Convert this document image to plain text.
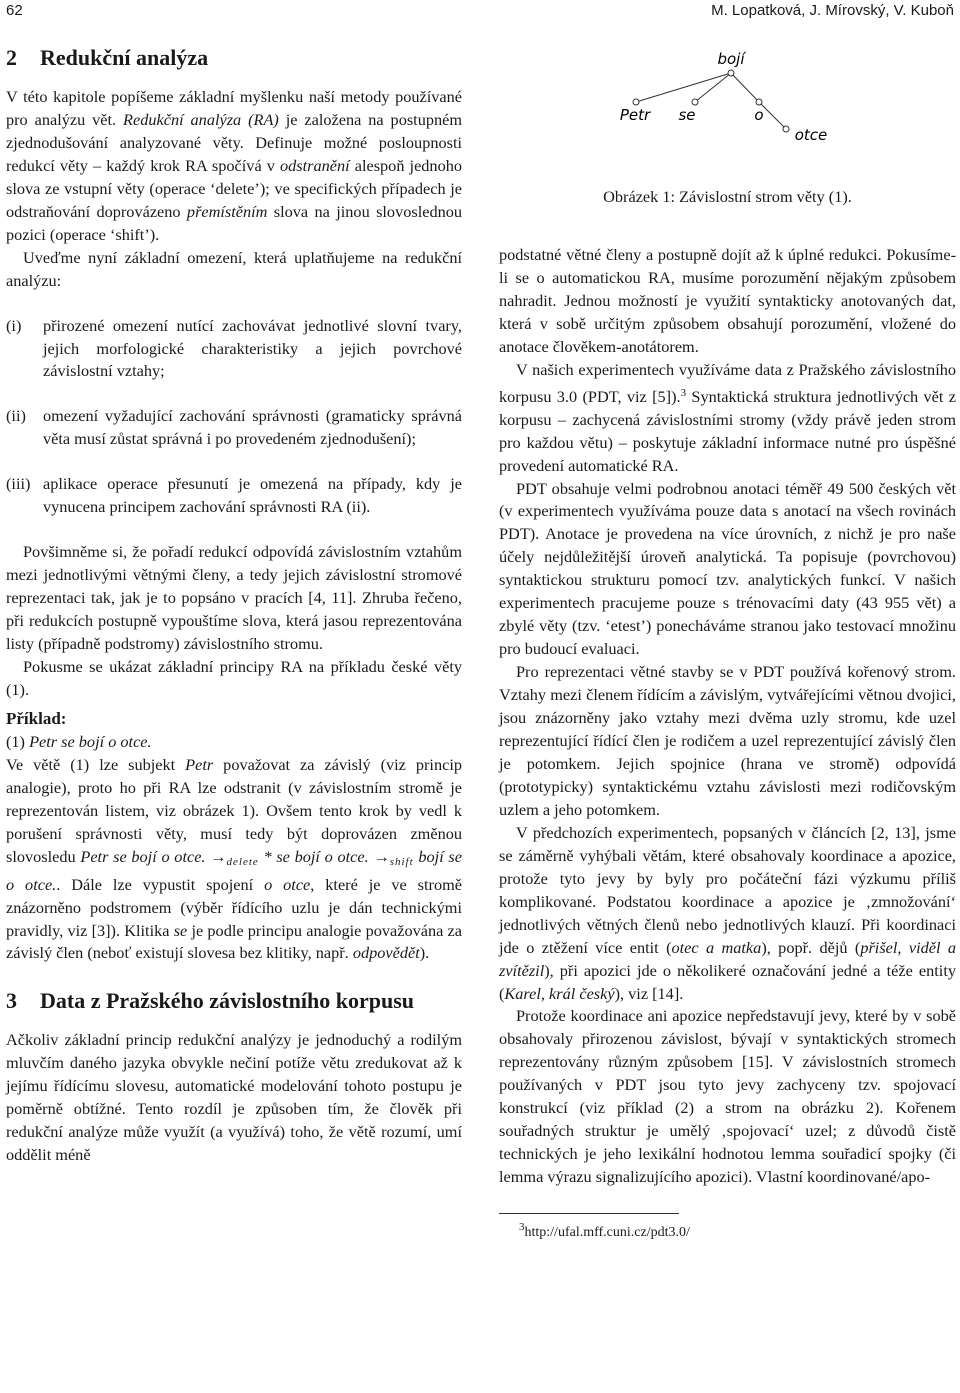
62	M. Lopatková, J. Mírovský, V. Kuboň
2 Redukční analýza

V této kapitole popíšeme základní myšlenku naší metody používané pro analýzu vět. Redukční analýza (RA) je založena na postupném zjednodušování analyzované věty. Definuje možné posloupnosti redukcí věty – každý krok RA spočívá v odstranění alespoň jednoho slova ze vstupní věty (operace ‘delete’); ve specifických případech je odstraňování doprovázeno přemístěním slova na jinou slovoslednou pozici (operace ‘shift’).

Uveďme nyní základní omezení, která uplatňujeme na redukční analýzu:

(i) přirozené omezení nutící zachovávat jednotlivé slovní tvary, jejich morfologické charakteristiky a jejich povrchové závislostní vztahy;
(ii) omezení vyžadující zachování správnosti (gramaticky správná věta musí zůstat správná i po provedeném zjednodušení);
(iii) aplikace operace přesunutí je omezená na případy, kdy je vynucena principem zachování správnosti RA (ii).

Povšimněme si, že pořadí redukcí odpovídá závislostním vztahům mezi jednotlivými větnými členy, a tedy jejich závislostní stromové reprezentaci tak, jak je to popsáno v pracích [4, 11]. Zhruba řečeno, při redukcích postupně vypouštíme slova, která jasou reprezentována listy (případně podstromy) závislostního stromu.

Pokusme se ukázat základní principy RA na příkladu české věty (1).

Příklad:

(1) Petr se bojí o otce.

Ve větě (1) lze subjekt Petr považovat za závislý (viz princip analogie), proto ho při RA lze odstranit (v závislostním stromě je reprezentován listem, viz obrázek 1). Ovšem tento krok by vedl k porušení správnosti věty, musí tedy být doprovázen změnou slovosledu Petr se bojí o otce. →delete * se bojí o otce. →shift bojí se o otce.. Dále lze vypustit spojení o otce, které je ve stromě znázorněno podstromem (výběr řídícího uzlu je dán technickými pravidly, viz [3]). Klitika se je podle principu analogie považována za závislý člen (neboť existují slovesa bez klitiky, např. odpovědět).

3 Data z Pražského závislostního korpusu

Ačkoliv základní princip redukční analýzy je jednoduchý a rodilým mluvčím daného jazyka obvykle nečiní potíže větu zredukovat až k jejímu řídícímu slovesu, automatické modelování tohoto postupu je poměrně obtížné. Tento rozdíl je způsoben tím, že člověk při redukční analýze může využít (a využívá) toho, že větě rozumí, umí oddělit méně

bojí
Petr se	o
otce
Obrázek 1: Závislostní strom věty (1).

podstatné větné členy a postupně dojít až k úplné redukci. Pokusíme-li se o automatickou RA, musíme porozumění nějakým způsobem nahradit. Jednou možností je využití syntakticky anotovaných dat, která v sobě určitým způsobem obsahují porozumění, vložené do anotace člověkem-anotátorem.

V našich experimentech využíváme data z Pražského závislostního korpusu 3.0 (PDT, viz [5]).$^3$ Syntaktická struktura jednotlivých vět z korpusu – zachycená závislostními stromy (vždy právě jeden strom pro každou větu) – poskytuje základní informace nutné pro úspěšné provedení automatické RA.

PDT obsahuje velmi podrobnou anotaci téměř 49 500 českých vět (v experimentech využíváma pouze data s anotací na všech rovinách PDT). Anotace je provedena na více úrovních, z nichž je pro naše účely nejdůležitější úroveň analytická. Ta popisuje (povrchovou) syntaktickou strukturu pomocí tzv. analytických funkcí. V našich experimentech pracujeme pouze s trénovacími daty (43 955 vět) a zbylé věty (tzv. ‘etest’) ponecháváme stranou jako testovací množinu pro budoucí evaluaci.

Pro reprezentaci větné stavby se v PDT používá kořenový strom. Vztahy mezi členem řídícím a závislým, vytvářejícími větnou dvojici, jsou znázorněny jako vztahy mezi dvěma uzly stromu, kde uzel reprezentující řídící člen je rodičem a uzel reprezentující závislý člen je potomkem. Jejich spojnice (hrana ve stromě) odpovídá (prototypicky) syntaktickému vztahu závislosti mezi rodičovským uzlem a jeho potomkem.

V předchozích experimentech, popsaných v článcích [2, 13], jsme se záměrně vyhýbali větám, které obsahovaly koordinace a apozice, protože tyto jevy by byly pro počáteční fázi výzkumu příliš komplikované. Podstatou koordinace a apozice je ‚zmnožování‘ jednotlivých větných členů nebo jednotlivých klauzí. Při koordinaci jde o ztěžení více entit (otec a matka), popř. dějů (přišel, viděl a zvítězil), při apozici jde o několikeré označování jedné a téže entity (Karel, král český), viz [14].

Protože koordinace ani apozice nepředstavují jevy, které by v sobě obsahovaly přirozenou závislost, bývají v syntaktických stromech reprezentovány různým způsobem [15]. V závislostních stromech používaných v PDT jsou tyto jevy zachyceny tzv. spojovací konstrukcí (viz příklad (2) a strom na obrázku 2). Kořenem souřadných struktur je umělý ‚spojovací‘ uzel; z důvodů čistě technických je jeho lexikální hodnotou lemma souřadicí spojky (či lemma výrazu signalizujícího apozici). Vlastní koordinované/apo-

$^3$http://ufal.mff.cuni.cz/pdt3.0/
